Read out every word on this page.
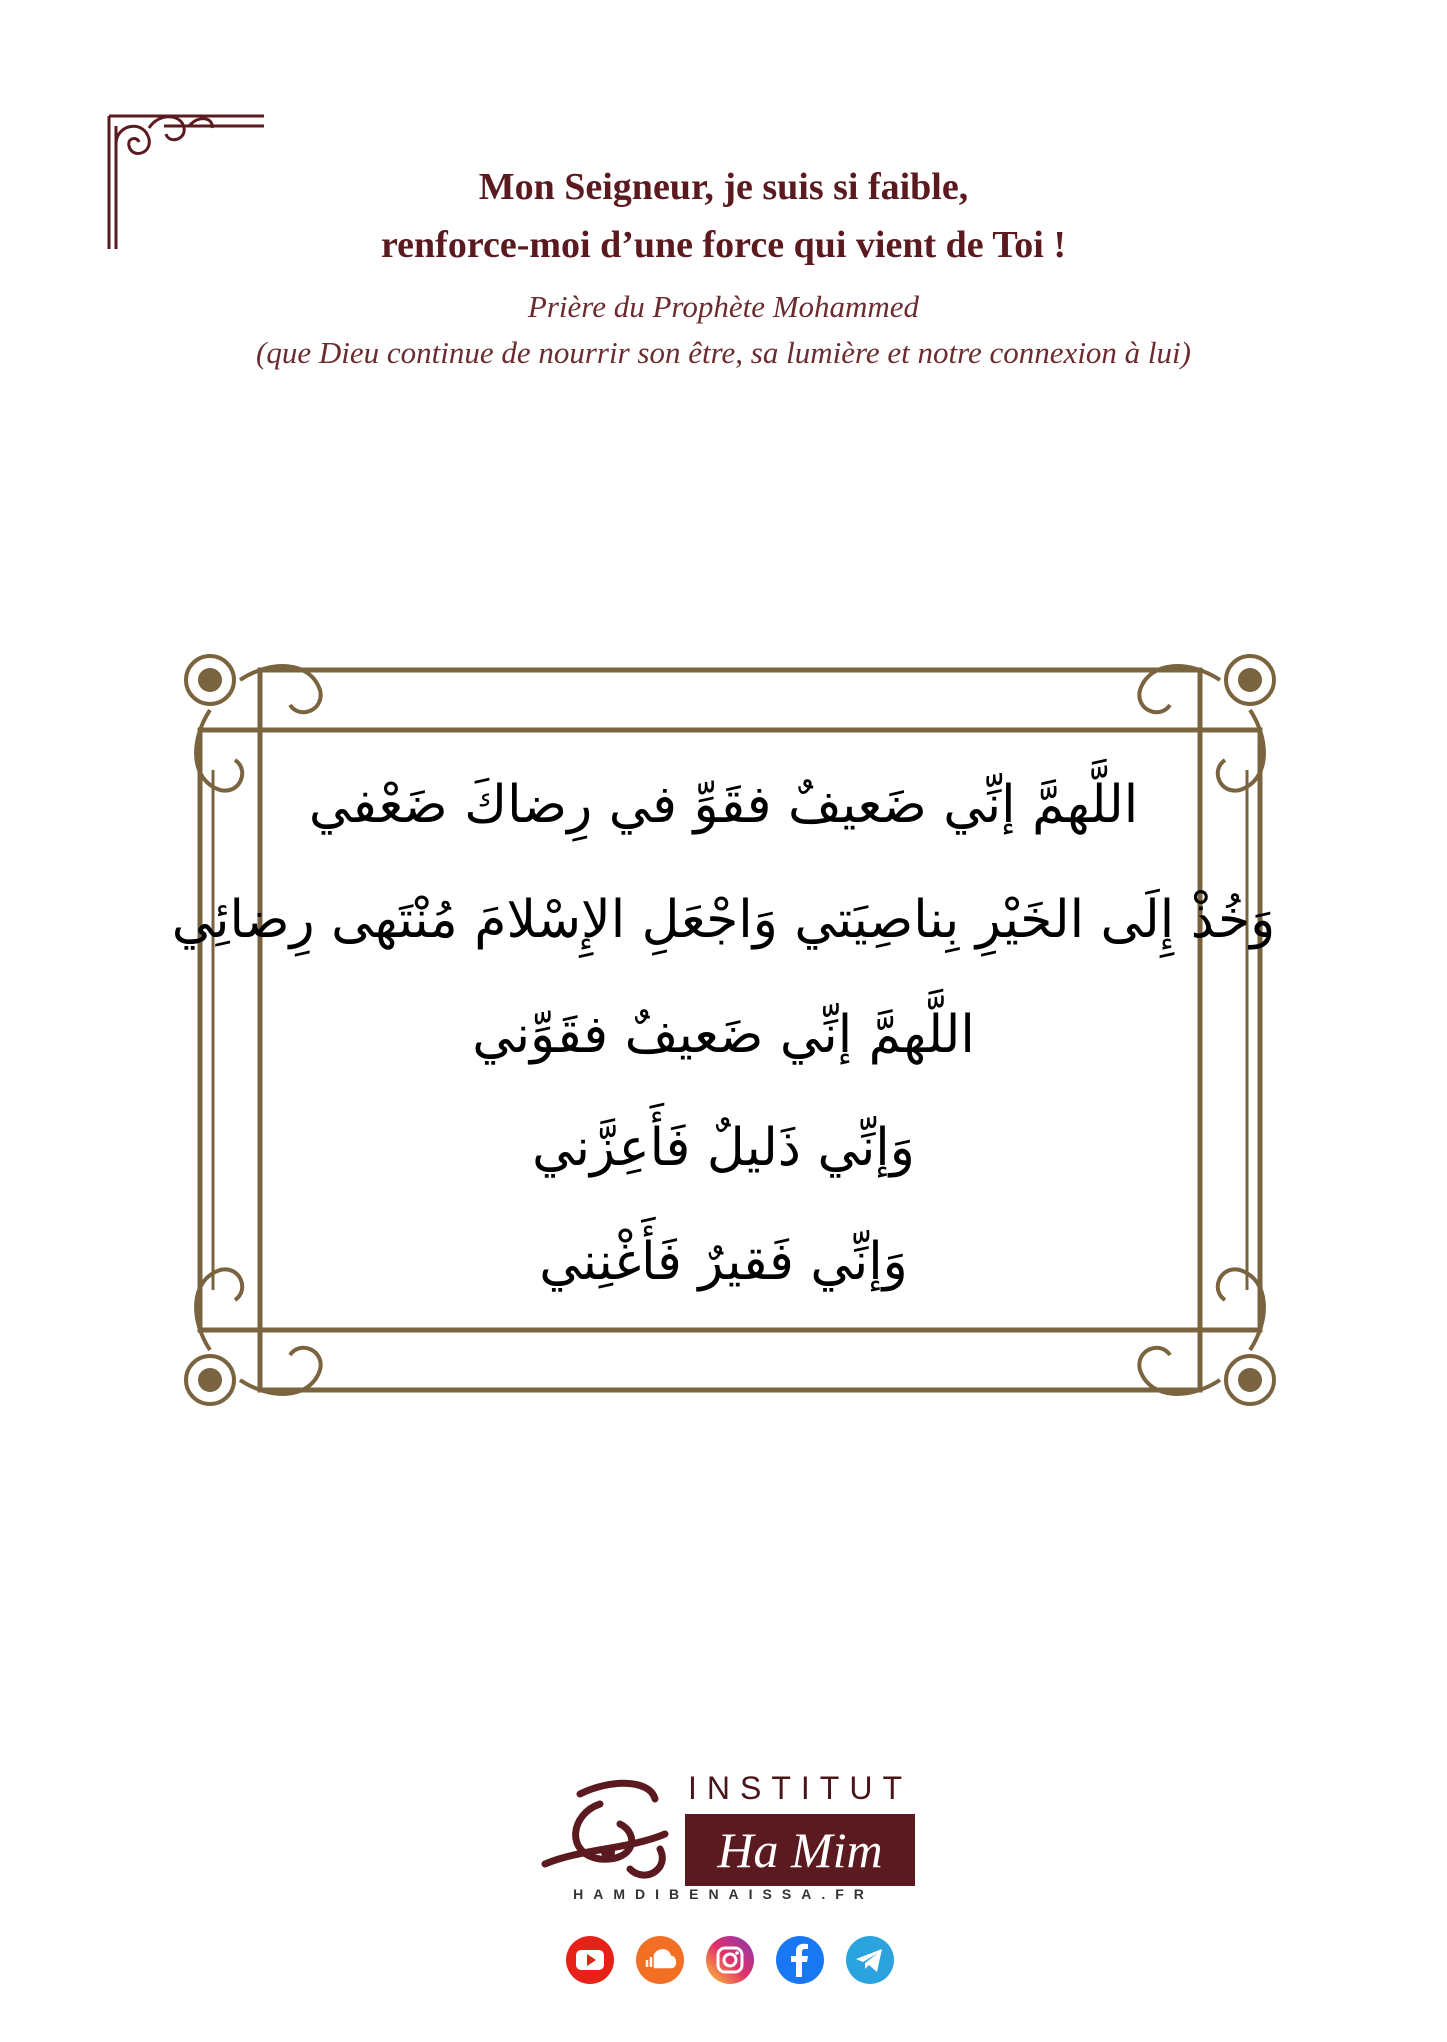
Mon Seigneur, je suis si faible,
renforce-moi d’une force qui vient de Toi !
Prière du Prophète Mohammed
(que Dieu continue de nourrir son être, sa lumière et notre connexion à lui)
اللَّهمَّ إنِّي ضَعيفٌ فقَوِّ في رِضاكَ ضَعْفي
وَخُذْ إِلَى الخَيْرِ بِناصِيَتي وَاجْعَلِ الإِسْلامَ مُنْتَهى رِضائِي
اللَّهمَّ إنِّي ضَعيفٌ فقَوِّني
وَإنِّي ذَليلٌ فَأَعِزَّني
وَإنِّي فَقيرٌ فَأَغْنِني
INSTITUT
Ha Mim
HAMDIBENAISSA.FR
